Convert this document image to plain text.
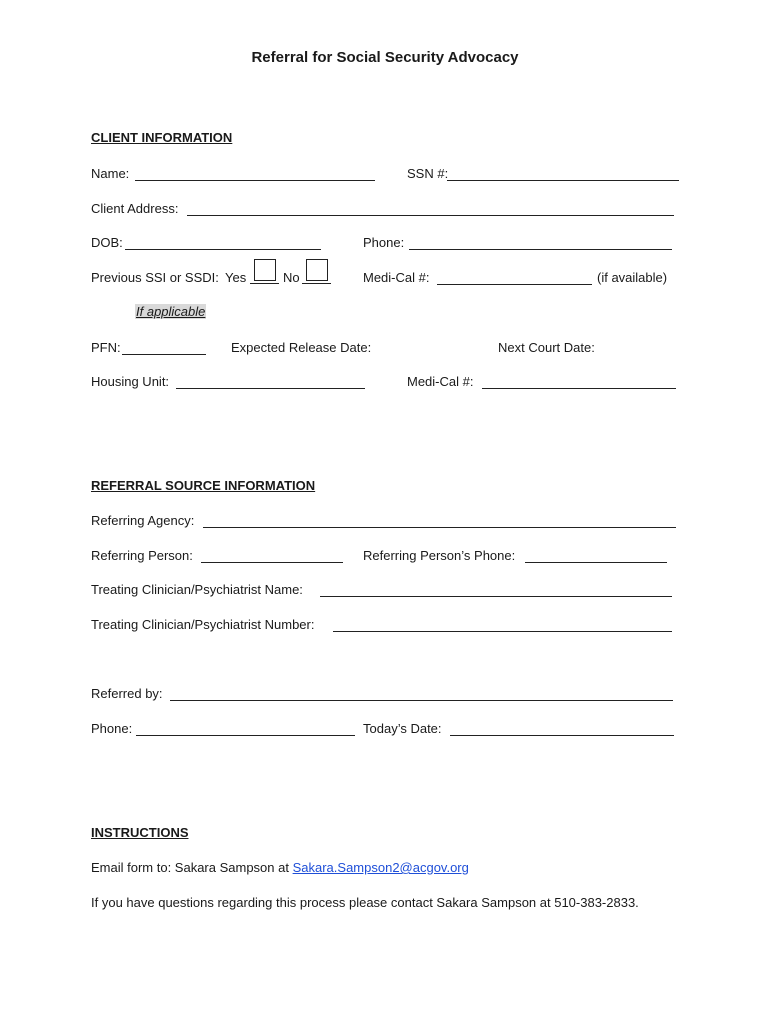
Referral for Social Security Advocacy
CLIENT INFORMATION
Name:	SSN #:
Client Address:
DOB:	Phone:
Previous SSI or SSDI: Yes	No	Medi-Cal #:	(if available)
If applicable
PFN:	Expected Release Date:	Next Court Date:
Housing Unit:	Medi-Cal #:
REFERRAL SOURCE INFORMATION
Referring Agency:
Referring Person:	Referring Person’s Phone:
Treating Clinician/Psychiatrist Name:
Treating Clinician/Psychiatrist Number:
Referred by:
Phone:	Today’s Date:
INSTRUCTIONS
Email form to: Sakara Sampson at Sakara.Sampson2@acgov.org
If you have questions regarding this process please contact Sakara Sampson at 510-383-2833.
